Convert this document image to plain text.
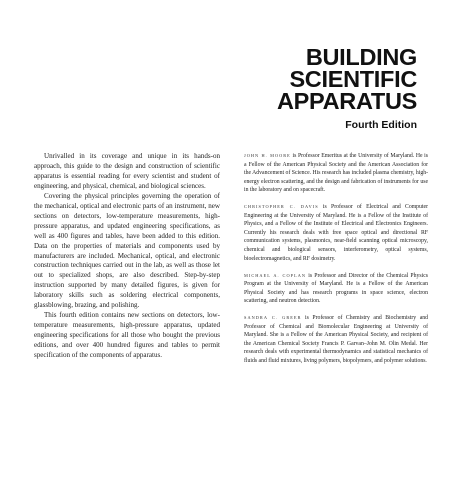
BUILDING
SCIENTIFIC
APPARATUS
Fourth Edition

Unrivalled in its coverage and unique in its hands-on approach, this guide to the design and construction of scientific apparatus is essential reading for every scientist and student of engineering, and physical, chemical, and biological sciences.

Covering the physical principles governing the operation of the mechanical, optical and electronic parts of an instrument, new sections on detectors, low-temperature measurements, high-pressure apparatus, and updated engineering specifications, as well as 400 figures and tables, have been added to this edition. Data on the properties of materials and components used by manufacturers are included. Mechanical, optical, and electronic construction techniques carried out in the lab, as well as those let out to specialized shops, are also described. Step-by-step instruction supported by many detailed figures, is given for laboratory skills such as soldering electrical components, glassblowing, brazing, and polishing.

This fourth edition contains new sections on detectors, low-temperature measurements, high-pressure apparatus, updated engineering specifications for all those who bought the previous editions, and over 400 hundred figures and tables to permit specification of the components of apparatus.

JOHN H. MOORE is Professor Emeritus at the University of Maryland. He is a Fellow of the American Physical Society and the American Association for the Advancement of Science. His research has included plasma chemistry, high-energy electron scattering, and the design and fabrication of instruments for use in the laboratory and on spacecraft.

CHRISTOPHER C. DAVIS is Professor of Electrical and Computer Engineering at the University of Maryland. He is a Fellow of the Institute of Physics, and a Fellow of the Institute of Electrical and Electronics Engineers. Currently his research deals with free space optical and directional RF communication systems, plasmonics, near-field scanning optical microscopy, chemical and biological sensors, interferometry, optical systems, bioelectromagnetics, and RF dosimetry.

MICHAEL A. COPLAN is Professor and Director of the Chemical Physics Program at the University of Maryland. He is a Fellow of the American Physical Society and has research programs in space science, electron scattering, and neutron detection.

SANDRA C. GREER is Professor of Chemistry and Biochemistry and Professor of Chemical and Biomolecular Engineering at University of Maryland. She is a Fellow of the American Physical Society, and recipient of the American Chemical Society Francis P. Garvan–John M. Olin Medal. Her research deals with experimental thermodynamics and statistical mechanics of fluids and fluid mixtures, living polymers, biopolymers, and polymer solutions.
